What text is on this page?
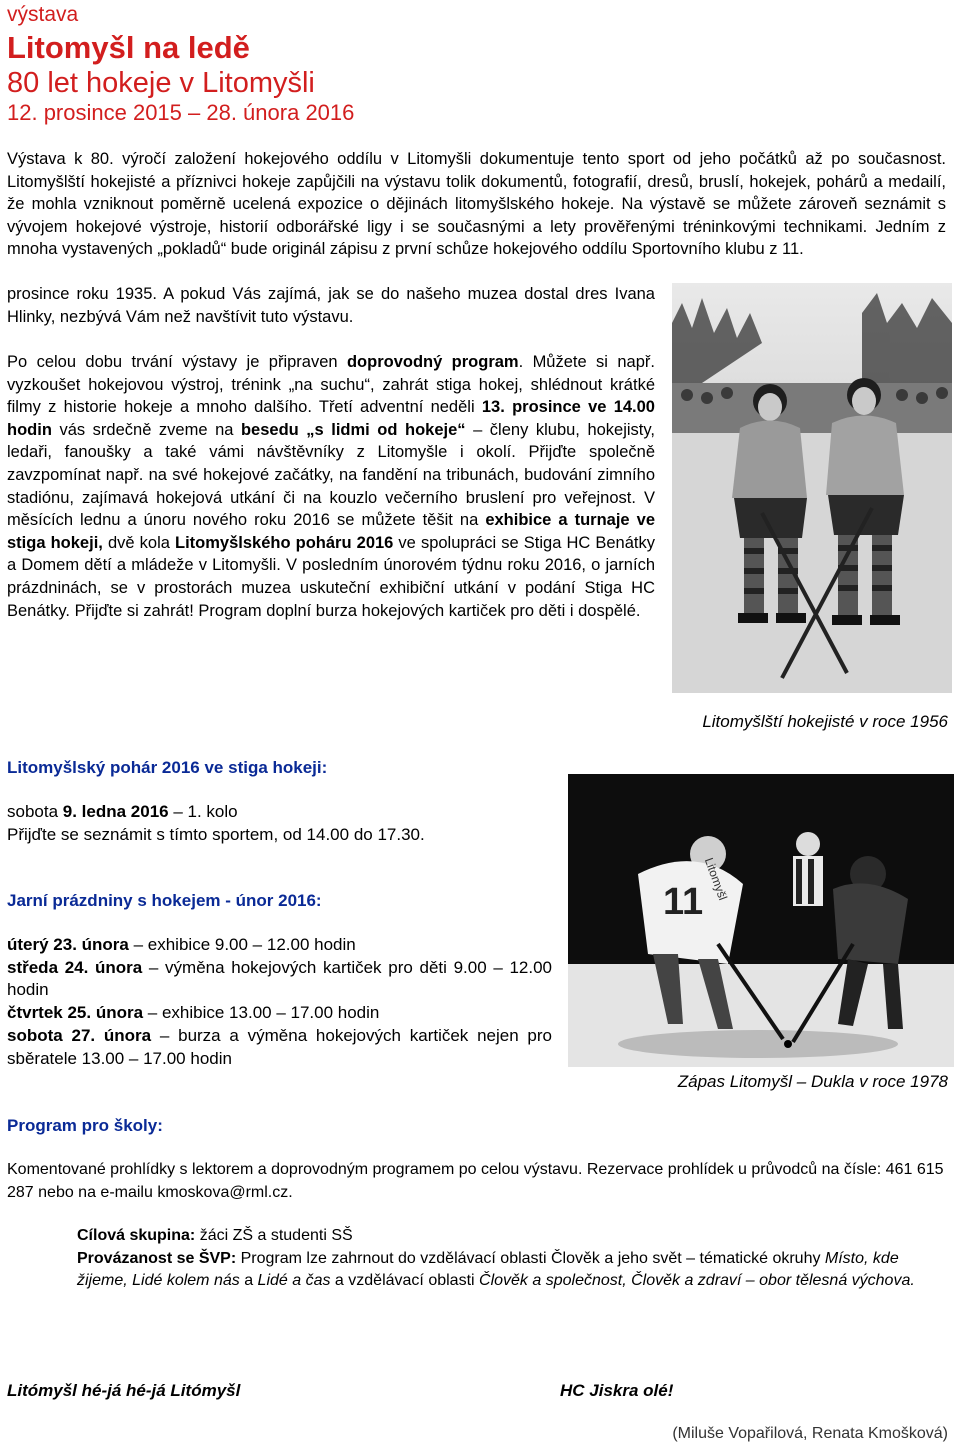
výstava
Litomyšl na ledě
80 let hokeje v Litomyšli
12. prosince 2015 – 28. února 2016
Výstava k 80. výročí založení hokejového oddílu v Litomyšli dokumentuje tento sport od jeho počátků až po současnost. Litomyšlští hokejisté a příznivci hokeje zapůjčili na výstavu tolik dokumentů, fotografií, dresů, bruslí, hokejek, pohárů a medailí, že mohla vzniknout poměrně ucelená expozice o dějinách litomyšlského hokeje. Na výstavě se můžete zároveň seznámit s vývojem hokejové výstroje, historií odborářské ligy i se současnými a lety prověřenými tréninkovými technikami. Jedním z mnoha vystavených „pokladů“ bude originál zápisu z první schůze hokejového oddílu Sportovního klubu z 11.
prosince roku 1935. A pokud Vás zajímá, jak se do našeho muzea dostal dres Ivana Hlinky, nezbývá Vám než navštívit tuto výstavu.
Po celou dobu trvání výstavy je připraven doprovodný program. Můžete si např. vyzkoušet hokejovou výstroj, trénink „na suchu“, zahrát stiga hokej, shlédnout krátké filmy z historie hokeje a mnoho dalšího. Třetí adventní neděli 13. prosince ve 14.00 hodin vás srdečně zveme na besedu „s lidmi od hokeje“ – členy klubu, hokejisty, ledaři, fanoušky a také vámi návštěvníky z Litomyšle i okolí. Přijďte společně zavzpomínat např. na své hokejové začátky, na fandění na tribunách, budování zimního stadiónu, zajímavá hokejová utkání či na kouzlo večerního bruslení pro veřejnost. V měsících lednu a únoru nového roku 2016 se můžete těšit na exhibice a turnaje ve stiga hokeji, dvě kola Litomyšlského poháru 2016 ve spolupráci se Stiga HC Benátky a Domem dětí a mládeže v Litomyšli. V posledním únorovém týdnu roku 2016, o jarních prázdninách, se v prostorách muzea uskuteční exhibiční utkání v podání Stiga HC Benátky. Přijďte si zahrát! Program doplní burza hokejových kartiček pro děti i dospělé.
Litomyšlští hokejisté v roce 1956
11
Litomyšl
Zápas Litomyšl – Dukla v roce 1978
Litomyšlský pohár 2016 ve stiga hokeji:
sobota 9. ledna 2016 – 1. kolo
Přijďte se seznámit s tímto sportem, od 14.00 do 17.30.
Jarní prázdniny s hokejem - únor 2016:
úterý 23. února – exhibice 9.00 – 12.00 hodin
středa 24. února – výměna hokejových kartiček pro děti 9.00 – 12.00 hodin
čtvrtek 25. února – exhibice 13.00 – 17.00 hodin
sobota 27. února – burza a výměna hokejových kartiček nejen pro sběratele 13.00 – 17.00 hodin
Program pro školy:
Komentované prohlídky s lektorem a doprovodným programem po celou výstavu. Rezervace prohlídek u průvodců na čísle: 461 615 287 nebo na e-mailu kmoskova@rml.cz.
Cílová skupina: žáci ZŠ a studenti SŠ
Provázanost se ŠVP: Program lze zahrnout do vzdělávací oblasti Člověk a jeho svět – tématické okruhy Místo, kde žijeme, Lidé kolem nás a Lidé a čas a vzdělávací oblasti Člověk a společnost, Člověk a zdraví – obor tělesná výchova.
Litómyšl hé-já hé-já Litómyšl	HC Jiskra olé!
(Miluše Vopařilová, Renata Kmošková)
